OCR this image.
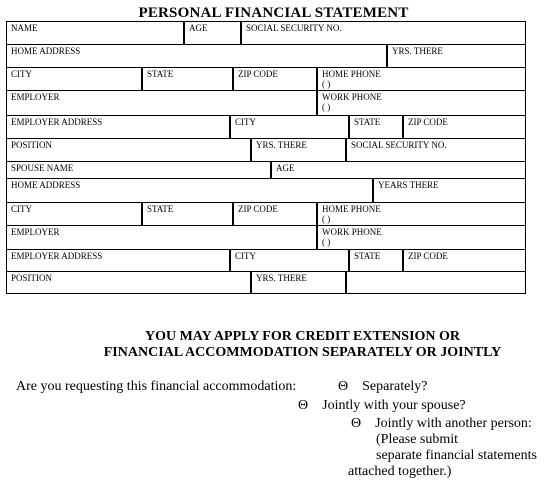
PERSONAL FINANCIAL STATEMENT
NAME	AGE	SOCIAL SECURITY NO.
HOME ADDRESS	YRS. THERE
CITY	STATE	ZIP CODE	HOME PHONE
( )
EMPLOYER	WORK PHONE
( )
EMPLOYER ADDRESS	CITY	STATE	ZIP CODE
POSITION	YRS. THERE	SOCIAL SECURITY NO.
SPOUSE NAME	AGE
HOME ADDRESS	YEARS THERE
CITY	STATE	ZIP CODE	HOME PHONE
( )
EMPLOYER	WORK PHONE
( )
EMPLOYER ADDRESS	CITY	STATE	ZIP CODE
POSITION	YRS. THERE
YOU MAY APPLY FOR CREDIT EXTENSION OR
FINANCIAL ACCOMMODATION SEPARATELY OR JOINTLY
Are you requesting this financial accommodation:	Θ Separately?
Θ Jointly with your spouse?
Θ Jointly with another person:
(Please submit
separate financial statements
attached together.)
